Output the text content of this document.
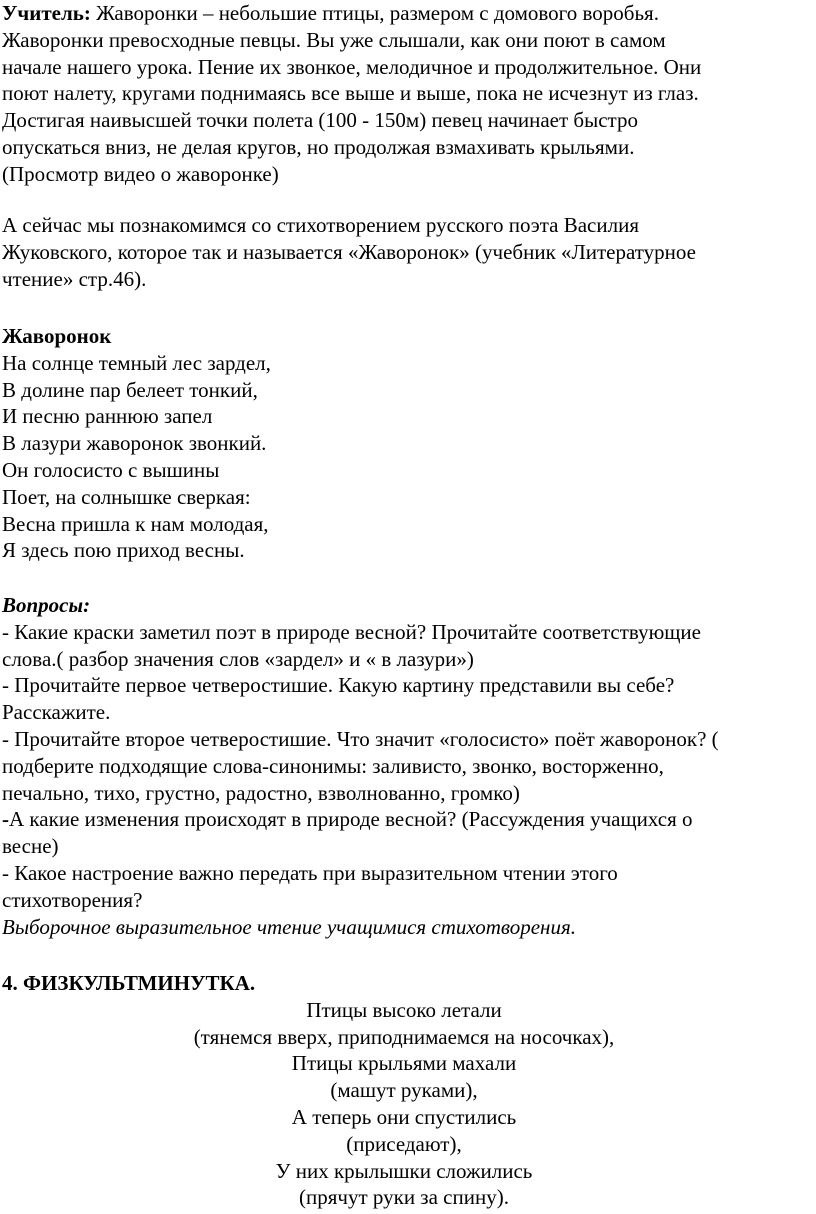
Учитель: Жаворонки – небольшие птицы, размером с домового воробья.

Жаворонки превосходные певцы. Вы уже слышали, как они поют в самом

начале нашего урока. Пение их звонкое, мелодичное и продолжительное. Они

поют налету, кругами поднимаясь все выше и выше, пока не исчезнут из глаз.

Достигая наивысшей точки полета (100 - 150м) певец начинает быстро

опускаться вниз, не делая кругов, но продолжая взмахивать крыльями.

(Просмотр видео о жаворонке)

А сейчас мы познакомимся со стихотворением русского поэта Василия

Жуковского, которое так и называется «Жаворонок» (учебник «Литературное

чтение» стр.46).

Жаворонок

На солнце темный лес зардел,

В долине пар белеет тонкий,

И песню раннюю запел

В лазури жаворонок звонкий.

Он голосисто с вышины

Поет, на солнышке сверкая:

Весна пришла к нам молодая,

Я здесь пою приход весны.

Вопросы:

- Какие краски заметил поэт в природе весной? Прочитайте соответствующие

слова.( разбор значения слов «зардел» и « в лазури»)

- Прочитайте первое четверостишие. Какую картину представили вы себе?

Расскажите.

- Прочитайте второе четверостишие. Что значит «голосисто» поёт жаворонок? (

подберите подходящие слова-синонимы: заливисто, звонко, восторженно,

печально, тихо, грустно, радостно, взволнованно, громко)

-А какие изменения происходят в природе весной? (Рассуждения учащихся о

весне)

- Какое настроение важно передать при выразительном чтении этого

стихотворения?

Выборочное выразительное чтение учащимися стихотворения.

4. ФИЗКУЛЬТМИНУТКА.

Птицы высоко летали

(тянемся вверх, приподнимаемся на носочках),

Птицы крыльями махали

(машут руками),

А теперь они спустились

(приседают),

У них крылышки сложились

(прячут руки за спину).
